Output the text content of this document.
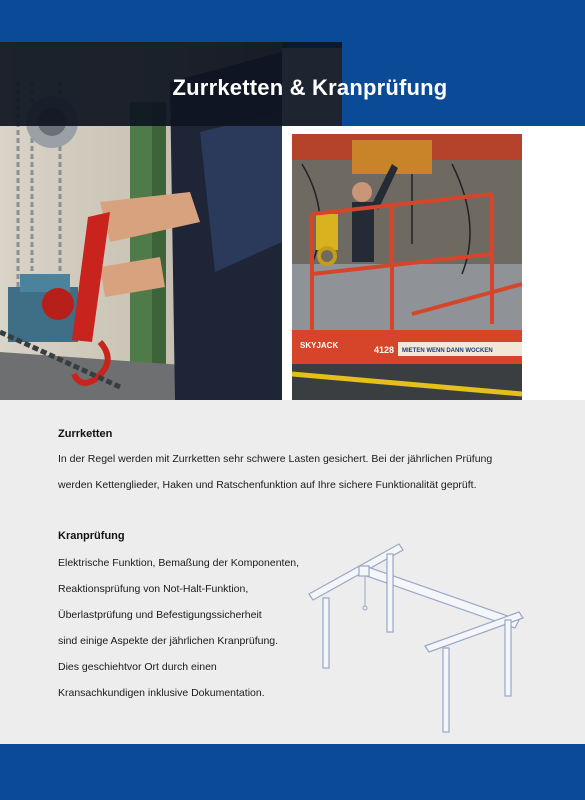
SKYJACK	4128 MIETEN WENN DANN WOCKEN
Zurrketten & Kranprüfung
Zurrketten
In der Regel werden mit Zurrketten sehr schwere Lasten gesichert. Bei der jährlichen Prüfung
werden Kettenglieder, Haken und Ratschenfunktion auf Ihre sichere Funktionalität geprüft.
Kranprüfung
Elektrische Funktion, Bemaßung der Komponenten,
Reaktionsprüfung von Not-Halt-Funktion,
Überlastprüfung und Befestigungssicherheit
sind einige Aspekte der jährlichen Kranprüfung.
Dies geschiehtvor Ort durch einen
Kransachkundigen inklusive Dokumentation.
